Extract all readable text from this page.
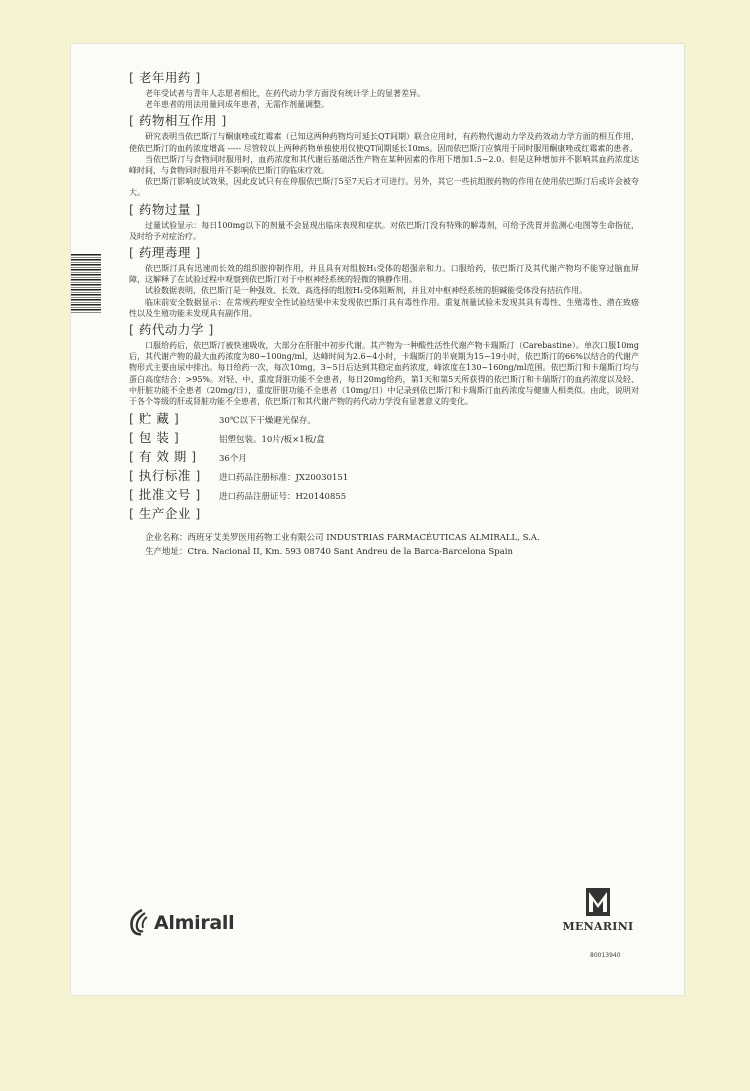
[ 老年用药 ]

老年受试者与青年人志愿者相比，在药代动力学方面没有统计学上的显著差异。

老年患者的用法用量同成年患者，无需作剂量调整。

[ 药物相互作用 ]

研究表明当依巴斯汀与酮康唑或红霉素（已知这两种药物均可延长QT间期）联合应用时，有药物代谢动力学及药效动力学方面的相互作用，使依巴斯汀的血药浓度增高 ----- 尽管较以上两种药物单独使用仅使QT间期延长10ms。因而依巴斯汀应慎用于同时服用酮康唑或红霉素的患者。

当依巴斯汀与食物同时服用时，血药浓度和其代谢后基础活性产物在某种因素的作用下增加1.5~2.0。但是这种增加并不影响其血药浓度达峰时间，与食物同时服用并不影响依巴斯汀的临床疗效。

依巴斯汀影响皮试效果，因此皮试只有在停服依巴斯汀5至7天后才可进行。另外，其它一些抗组胺药物的作用在使用依巴斯汀后或许会被夸大。

[ 药物过量 ]

过量试验显示：每日100mg以下的剂量不会显现出临床表现和症状。对依巴斯汀没有特殊的解毒剂，可给予洗胃并监测心电图等生命指征，及时给予对症治疗。

[ 药理毒理 ]

依巴斯汀具有迅速而长效的组织胺抑制作用，并且具有对组胺H₁受体的超强亲和力。口服给药，依巴斯汀及其代谢产物均不能穿过脑血屏障，这解释了在试验过程中观察到依巴斯汀对于中枢神经系统的轻微的镇静作用。

试验数据表明，依巴斯汀是一种强效、长效、高选择的组胺H₁受体阻断剂，并且对中枢神经系统的胆碱能受体没有拮抗作用。

临床前安全数据显示：在常规药理安全性试验结果中未发现依巴斯汀具有毒性作用。重复剂量试验未发现其具有毒性、生殖毒性、潜在致癌性以及生殖功能未发现具有副作用。

[ 药代动力学 ]

口服给药后，依巴斯汀被快速吸收，大部分在肝脏中初步代谢。其产物为一种酸性活性代谢产物卡瑞斯汀（Carebastine）。单次口服10mg后，其代谢产物的最大血药浓度为80~100ng/ml，达峰时间为2.6~4小时，卡瑞斯汀的半衰期为15~19小时，依巴斯汀的66%以结合的代谢产物形式主要由尿中排出。每日给药一次，每次10mg，3~5日后达到其稳定血药浓度，峰浓度在130~160ng/ml范围。依巴斯汀和卡瑞斯汀均与蛋白高度结合：>95%。对轻、中、重度肾脏功能不全患者，每日20mg给药，第1天和第5天所获得的依巴斯汀和卡瑞斯汀的血药浓度以及轻、中肝脏功能不全患者（20mg/日），重度肝脏功能不全患者（10mg/日）中记录到依巴斯汀和卡瑞斯汀血药浓度与健康人相类似。由此，说明对于各个等级的肝或肾脏功能不全患者，依巴斯汀和其代谢产物的药代动力学没有显著意义的变化。

[ 贮 藏 ]	30℃以下干燥避光保存。
[ 包 装 ]	铝塑包装。10片/板×1板/盒
[ 有 效 期 ]	36个月
[ 执行标准 ]	进口药品注册标准：JX20030151
[ 批准文号 ]	进口药品注册证号：H20140855
[ 生产企业 ]
企业名称：西班牙艾美罗医用药物工业有限公司 INDUSTRIAS FARMACÉUTICAS ALMIRALL, S.A.
生产地址：Ctra. Nacional II, Km. 593 08740 Sant Andreu de la Barca-Barcelona Spain
Almirall	MENARINI
80013940
